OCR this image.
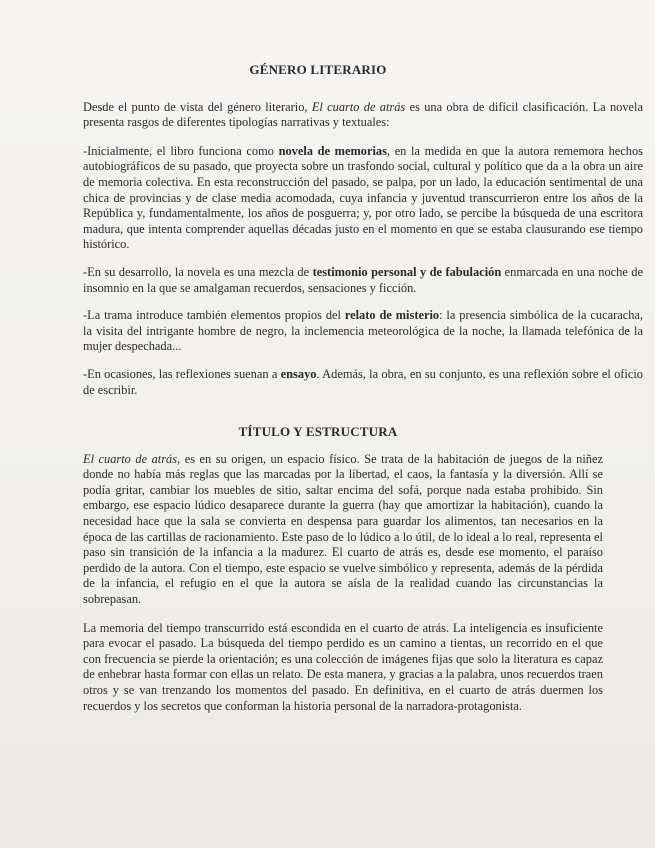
GÉNERO LITERARIO

Desde el punto de vista del género literario, El cuarto de atrás es una obra de difícil clasificación. La novela presenta rasgos de diferentes tipologías narrativas y textuales:

-Inicialmente, el libro funciona como novela de memorias, en la medida en que la autora rememora hechos autobiográficos de su pasado, que proyecta sobre un trasfondo social, cultural y político que da a la obra un aire de memoria colectiva. En esta reconstrucción del pasado, se palpa, por un lado, la educación sentimental de una chica de provincias y de clase media acomodada, cuya infancia y juventud transcurrieron entre los años de la República y, fundamentalmente, los años de posguerra; y, por otro lado, se percibe la búsqueda de una escritora madura, que intenta comprender aquellas décadas justo en el momento en que se estaba clausurando ese tiempo histórico.

-En su desarrollo, la novela es una mezcla de testimonio personal y de fabulación enmarcada en una noche de insomnio en la que se amalgaman recuerdos, sensaciones y ficción.

-La trama introduce también elementos propios del relato de misterio: la presencia simbólica de la cucaracha, la visita del intrigante hombre de negro, la inclemencia meteorológica de la noche, la llamada telefónica de la mujer despechada...

-En ocasiones, las reflexiones suenan a ensayo. Además, la obra, en su conjunto, es una reflexión sobre el oficio de escribir.

TÍTULO Y ESTRUCTURA

El cuarto de atrás, es en su origen, un espacio físico. Se trata de la habitación de juegos de la niñez donde no había más reglas que las marcadas por la libertad, el caos, la fantasía y la diversión. Allí se podía gritar, cambiar los muebles de sitio, saltar encima del sofá, porque nada estaba prohibido. Sin embargo, ese espacio lúdico desaparece durante la guerra (hay que amortizar la habitación), cuando la necesidad hace que la sala se convierta en despensa para guardar los alimentos, tan necesarios en la época de las cartillas de racionamiento. Este paso de lo lúdico a lo útil, de lo ideal a lo real, representa el paso sin transición de la infancia a la madurez. El cuarto de atrás es, desde ese momento, el paraíso perdido de la autora. Con el tiempo, este espacio se vuelve simbólico y representa, además de la pérdida de la infancia, el refugio en el que la autora se aísla de la realidad cuando las circunstancias la sobrepasan.

La memoria del tiempo transcurrido está escondida en el cuarto de atrás. La inteligencia es insuficiente para evocar el pasado. La búsqueda del tiempo perdido es un camino a tientas, un recorrido en el que con frecuencia se pierde la orientación; es una colección de imágenes fijas que solo la literatura es capaz de enhebrar hasta formar con ellas un relato. De esta manera, y gracias a la palabra, unos recuerdos traen otros y se van trenzando los momentos del pasado. En definitiva, en el cuarto de atrás duermen los recuerdos y los secretos que conforman la historia personal de la narradora-protagonista.
